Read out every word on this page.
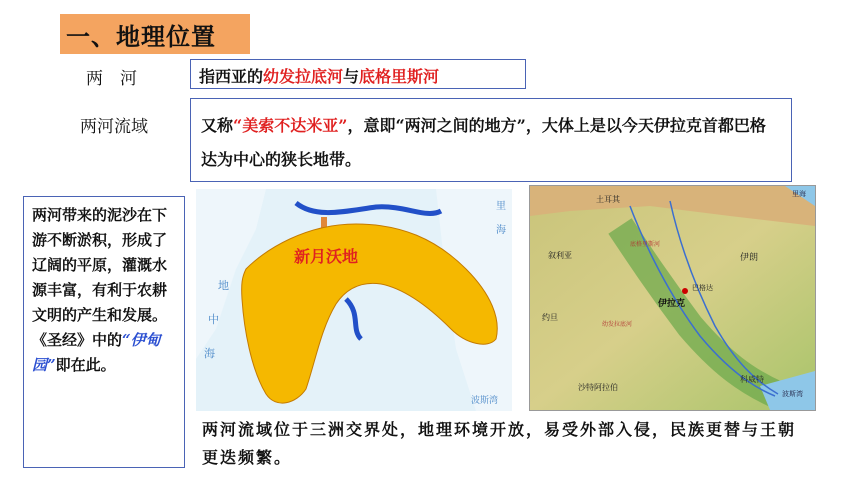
一、地理位置
两　河
两河流域
指西亚的幼发拉底河与底格里斯河
又称“美索不达米亚”，意即“两河之间的地方”，大体上是以今天伊拉克首都巴格达为中心的狭长地带。
两河带来的泥沙在下游不断淤积，形成了辽阔的平原，灌溉水源丰富，有利于农耕文明的产生和发展。《圣经》中的“伊甸园”即在此。
新月沃地
地
中
海
里
海
波斯湾
土耳其
里海
叙利亚	伊朗
伊拉克
约旦
沙特阿拉伯
科威特
波斯湾
巴格达
幼发拉底河
底格里斯河
两河流域位于三洲交界处，地理环境开放，易受外部入侵，民族更替与王朝更迭频繁。
